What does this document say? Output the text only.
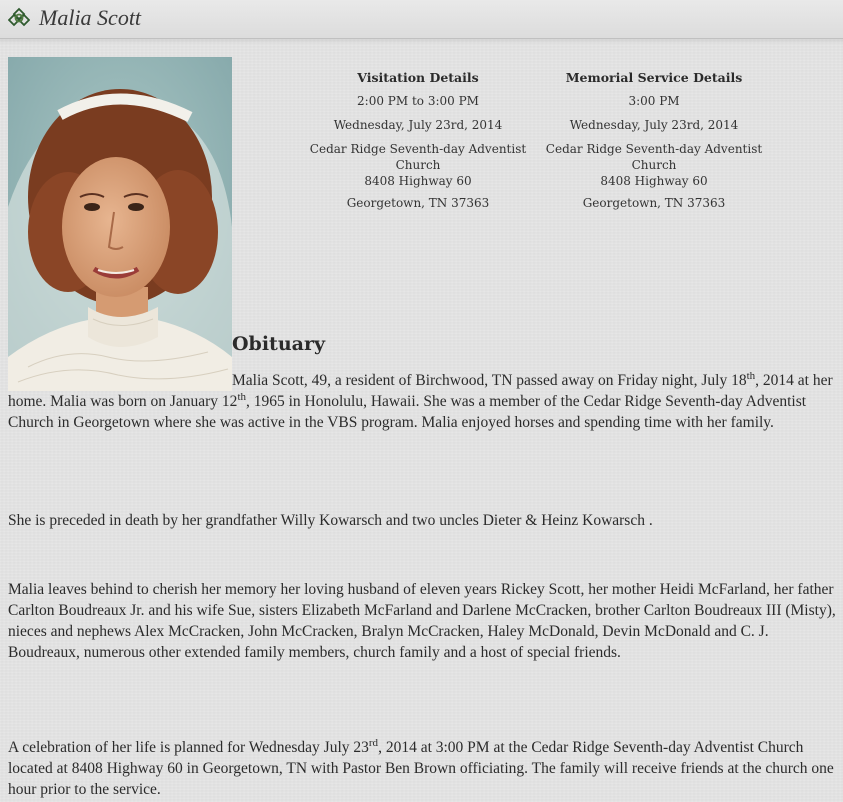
Malia Scott
Visitation Details
2:00 PM to 3:00 PM
Wednesday, July 23rd, 2014
Cedar Ridge Seventh-day Adventist
Church
8408 Highway 60
Georgetown, TN 37363
Memorial Service Details
3:00 PM
Wednesday, July 23rd, 2014
Cedar Ridge Seventh-day Adventist
Church
8408 Highway 60
Georgetown, TN 37363
Obituary
Malia Scott, 49, a resident of Birchwood, TN passed away on Friday night, July 18th, 2014 at her home. Malia was born on January 12th, 1965 in Honolulu, Hawaii. She was a member of the Cedar Ridge Seventh-day Adventist Church in Georgetown where she was active in the VBS program. Malia enjoyed horses and spending time with her family.
She is preceded in death by her grandfather Willy Kowarsch and two uncles Dieter & Heinz Kowarsch .
Malia leaves behind to cherish her memory her loving husband of eleven years Rickey Scott, her mother Heidi McFarland, her father Carlton Boudreaux Jr. and his wife Sue, sisters Elizabeth McFarland and Darlene McCracken, brother Carlton Boudreaux III (Misty), nieces and nephews Alex McCracken, John McCracken, Bralyn McCracken, Haley McDonald, Devin McDonald and C. J. Boudreaux, numerous other extended family members, church family and a host of special friends.
A celebration of her life is planned for Wednesday July 23rd, 2014 at 3:00 PM at the Cedar Ridge Seventh-day Adventist Church located at 8408 Highway 60 in Georgetown, TN with Pastor Ben Brown officiating. The family will receive friends at the church one hour prior to the service.
